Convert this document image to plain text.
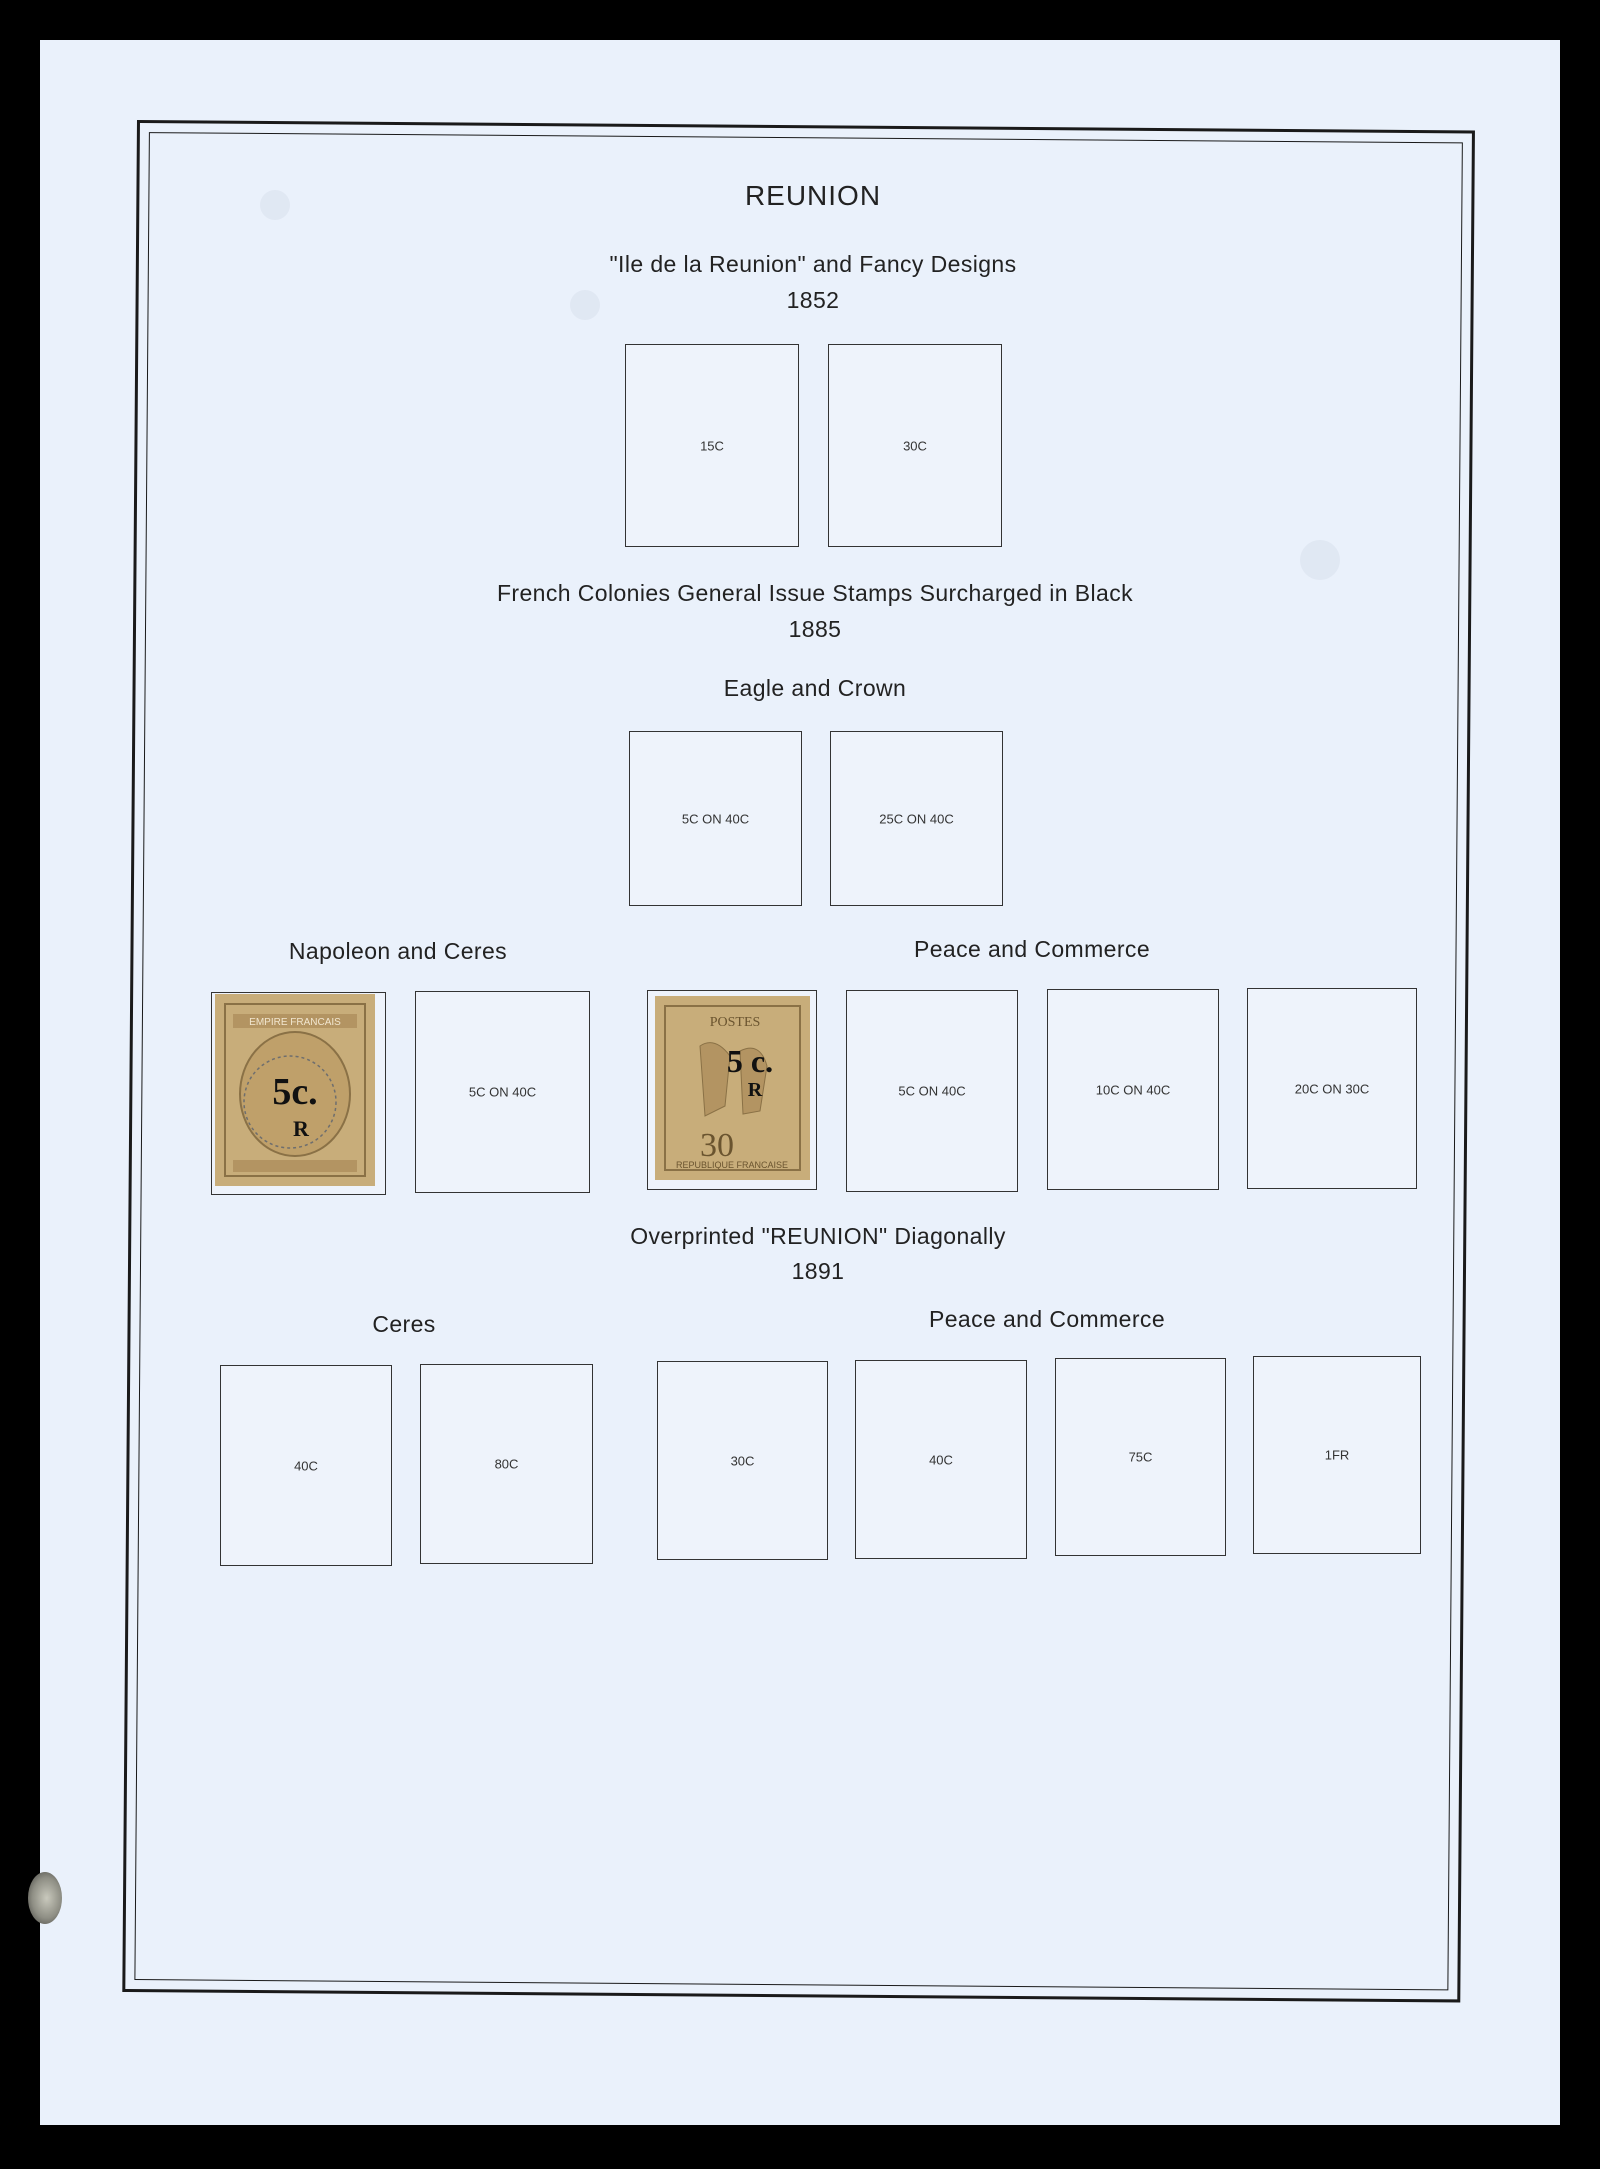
REUNION
"Ile de la Reunion" and Fancy Designs
1852
15C	30C
French Colonies General Issue Stamps Surcharged in Black
1885
Eagle and Crown
5C ON 40C	25C ON 40C
Napoleon and Ceres	Peace and Commerce
EMPIRE FRANCAIS
5c.
R
5C ON 40C
POSTES
5 c.
R
30
REPUBLIQUE FRANCAISE
5C ON 40C	10C ON 40C	20C ON 30C
Overprinted "REUNION" Diagonally
1891
Ceres	Peace and Commerce
40C	80C	30C	40C	75C	1FR
